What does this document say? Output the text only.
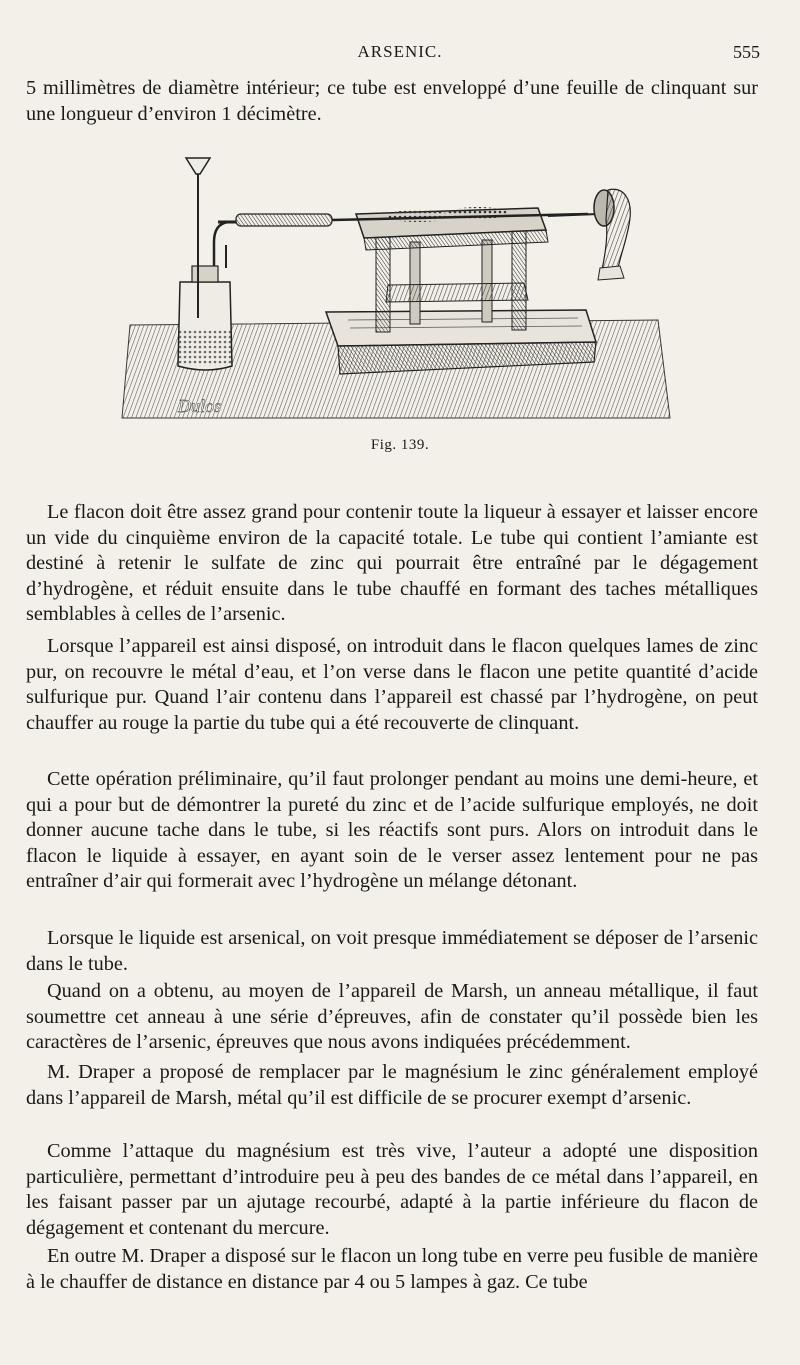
ARSENIC.	555

5 millimètres de diamètre intérieur; ce tube est enveloppé d’une feuille de clinquant sur une longueur d’environ 1 décimètre.

Dulos
Fig. 139.

Le flacon doit être assez grand pour contenir toute la liqueur à essayer et laisser encore un vide du cinquième environ de la capacité totale. Le tube qui contient l’amiante est destiné à retenir le sulfate de zinc qui pourrait être entraîné par le dégagement d’hydrogène, et réduit ensuite dans le tube chauffé en formant des taches métalliques semblables à celles de l’arsenic.

Lorsque l’appareil est ainsi disposé, on introduit dans le flacon quelques lames de zinc pur, on recouvre le métal d’eau, et l’on verse dans le flacon une petite quantité d’acide sulfurique pur. Quand l’air contenu dans l’appareil est chassé par l’hydrogène, on peut chauffer au rouge la partie du tube qui a été recouverte de clinquant.

Cette opération préliminaire, qu’il faut prolonger pendant au moins une demi-heure, et qui a pour but de démontrer la pureté du zinc et de l’acide sulfurique employés, ne doit donner aucune tache dans le tube, si les réactifs sont purs. Alors on introduit dans le flacon le liquide à essayer, en ayant soin de le verser assez lentement pour ne pas entraîner d’air qui formerait avec l’hydrogène un mélange détonant.

Lorsque le liquide est arsenical, on voit presque immédiatement se déposer de l’arsenic dans le tube.

Quand on a obtenu, au moyen de l’appareil de Marsh, un anneau métallique, il faut soumettre cet anneau à une série d’épreuves, afin de constater qu’il possède bien les caractères de l’arsenic, épreuves que nous avons indiquées précédemment.

M. Draper a proposé de remplacer par le magnésium le zinc généralement employé dans l’appareil de Marsh, métal qu’il est difficile de se procurer exempt d’arsenic.

Comme l’attaque du magnésium est très vive, l’auteur a adopté une disposition particulière, permettant d’introduire peu à peu des bandes de ce métal dans l’appareil, en les faisant passer par un ajutage recourbé, adapté à la partie inférieure du flacon de dégagement et contenant du mercure.

En outre M. Draper a disposé sur le flacon un long tube en verre peu fusible de manière à le chauffer de distance en distance par 4 ou 5 lampes à gaz. Ce tube
